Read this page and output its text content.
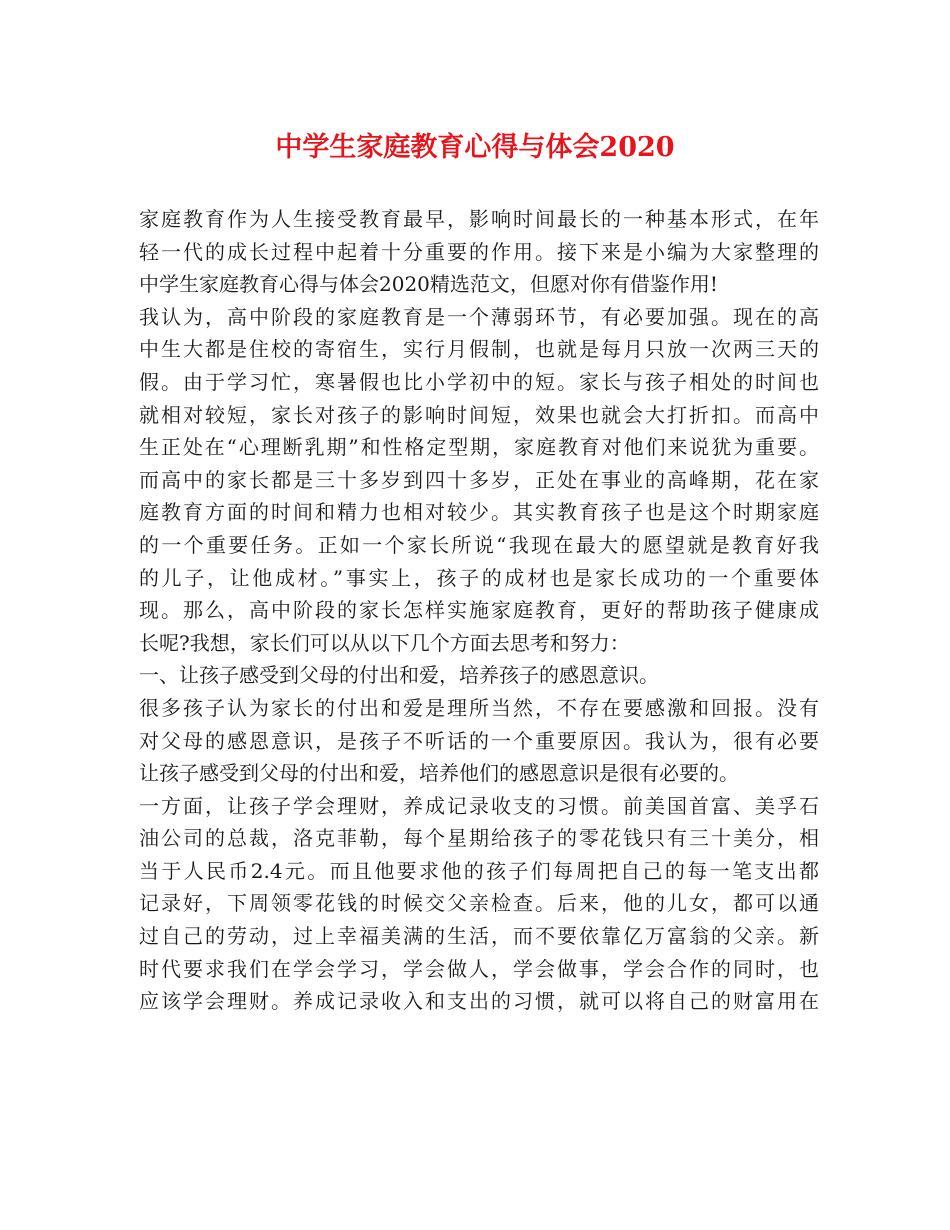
中学生家庭教育心得与体会2020
家庭教育作为人生接受教育最早，影响时间最长的一种基本形式，在年
轻一代的成长过程中起着十分重要的作用。接下来是小编为大家整理的
中学生家庭教育心得与体会2020精选范文，但愿对你有借鉴作用!
我认为，高中阶段的家庭教育是一个薄弱环节，有必要加强。现在的高
中生大都是住校的寄宿生，实行月假制，也就是每月只放一次两三天的
假。由于学习忙，寒暑假也比小学初中的短。家长与孩子相处的时间也
就相对较短，家长对孩子的影响时间短，效果也就会大打折扣。而高中
生正处在“心理断乳期”和性格定型期，家庭教育对他们来说犹为重要。
而高中的家长都是三十多岁到四十多岁，正处在事业的高峰期，花在家
庭教育方面的时间和精力也相对较少。其实教育孩子也是这个时期家庭
的一个重要任务。正如一个家长所说“我现在最大的愿望就是教育好我
的儿子，让他成材。”事实上，孩子的成材也是家长成功的一个重要体
现。那么，高中阶段的家长怎样实施家庭教育，更好的帮助孩子健康成
长呢?我想，家长们可以从以下几个方面去思考和努力：
一、让孩子感受到父母的付出和爱，培养孩子的感恩意识。
很多孩子认为家长的付出和爱是理所当然，不存在要感激和回报。没有
对父母的感恩意识，是孩子不听话的一个重要原因。我认为，很有必要
让孩子感受到父母的付出和爱，培养他们的感恩意识是很有必要的。
一方面，让孩子学会理财，养成记录收支的习惯。前美国首富、美孚石
油公司的总裁，洛克菲勒，每个星期给孩子的零花钱只有三十美分，相
当于人民币2.4元。而且他要求他的孩子们每周把自己的每一笔支出都
记录好，下周领零花钱的时候交父亲检查。后来，他的儿女，都可以通
过自己的劳动，过上幸福美满的生活，而不要依靠亿万富翁的父亲。新
时代要求我们在学会学习，学会做人，学会做事，学会合作的同时，也
应该学会理财。养成记录收入和支出的习惯，就可以将自己的财富用在
